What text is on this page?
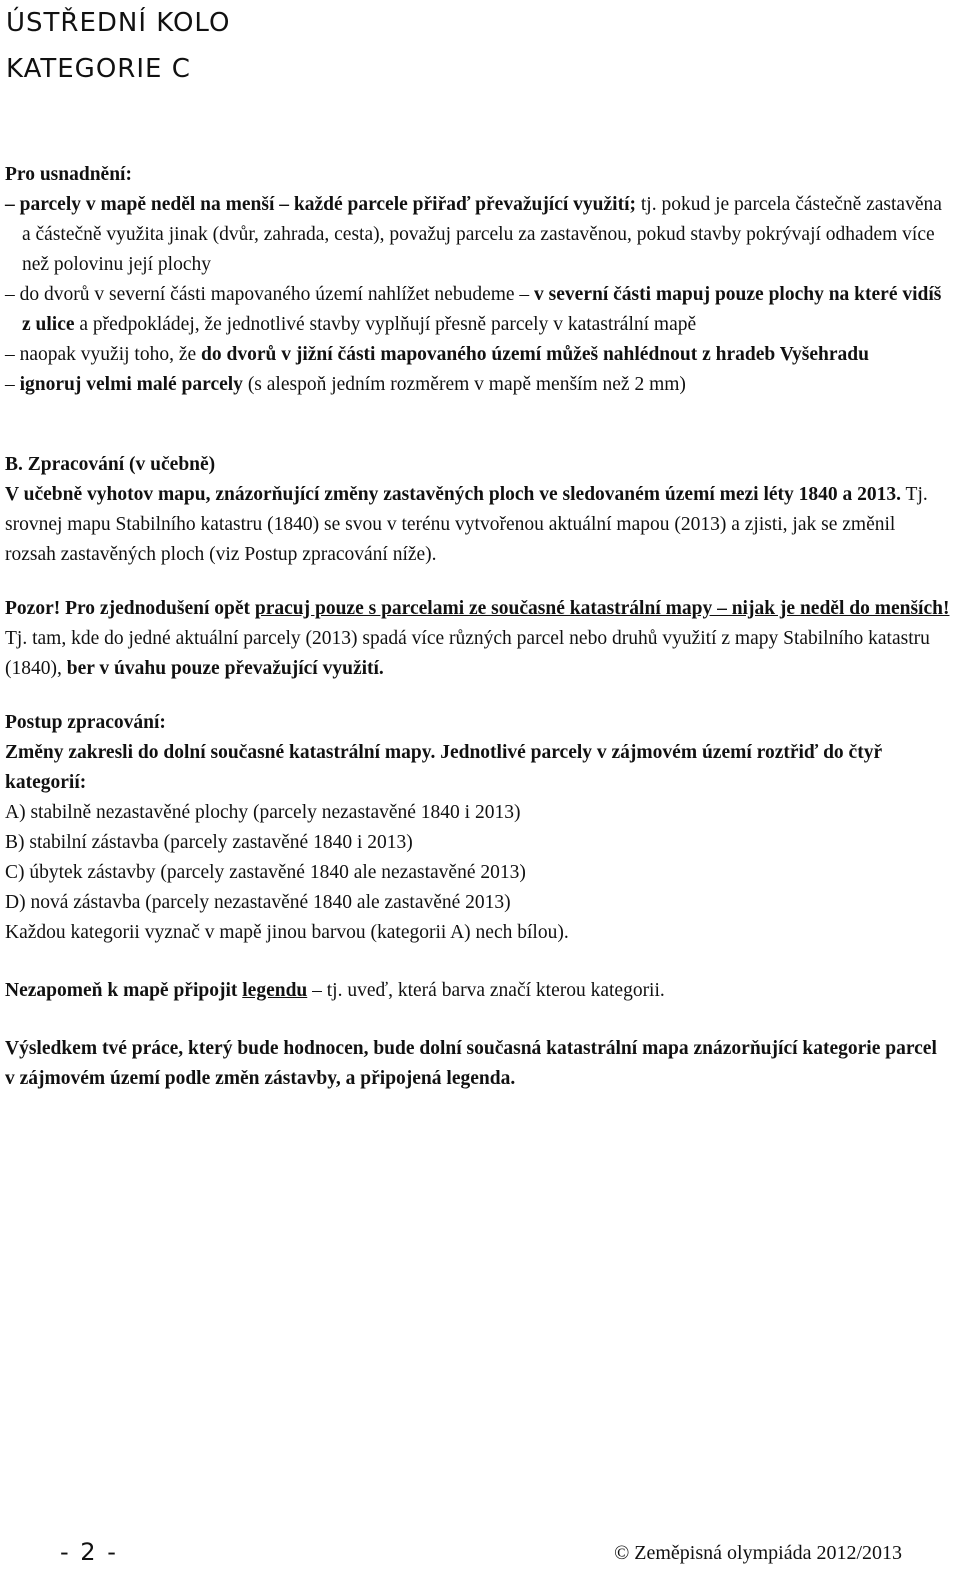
ÚSTŘEDNÍ KOLO
KATEGORIE C

Pro usnadnění:

– parcely v mapě neděl na menší – každé parcele přiřaď převažující využití; tj. pokud je parcela částečně zastavěna a částečně využita jinak (dvůr, zahrada, cesta), považuj parcelu za zastavěnou, pokud stavby pokrývají odhadem více než polovinu její plochy

– do dvorů v severní části mapovaného území nahlížet nebudeme – v severní části mapuj pouze plochy na které vidíš z ulice a předpokládej, že jednotlivé stavby vyplňují přesně parcely v katastrální mapě

– naopak využij toho, že do dvorů v jižní části mapovaného území můžeš nahlédnout z hradeb Vyšehradu

– ignoruj velmi malé parcely (s alespoň jedním rozměrem v mapě menším než 2 mm)

B. Zpracování (v učebně)

V učebně vyhotov mapu, znázorňující změny zastavěných ploch ve sledovaném území mezi léty 1840 a 2013. Tj. srovnej mapu Stabilního katastru (1840) se svou v terénu vytvořenou aktuální mapou (2013) a zjisti, jak se změnil rozsah zastavěných ploch (viz Postup zpracování níže).

Pozor! Pro zjednodušení opět pracuj pouze s parcelami ze současné katastrální mapy – nijak je neděl do menších! Tj. tam, kde do jedné aktuální parcely (2013) spadá více různých parcel nebo druhů využití z mapy Stabilního katastru (1840), ber v úvahu pouze převažující využití.

Postup zpracování:

Změny zakresli do dolní současné katastrální mapy. Jednotlivé parcely v zájmovém území roztřiď do čtyř kategorií:

A) stabilně nezastavěné plochy (parcely nezastavěné 1840 i 2013)

B) stabilní zástavba (parcely zastavěné 1840 i 2013)

C) úbytek zástavby (parcely zastavěné 1840 ale nezastavěné 2013)

D) nová zástavba (parcely nezastavěné 1840 ale zastavěné 2013)

Každou kategorii vyznač v mapě jinou barvou (kategorii A) nech bílou).

Nezapomeň k mapě připojit legendu – tj. uveď, která barva značí kterou kategorii.

Výsledkem tvé práce, který bude hodnocen, bude dolní současná katastrální mapa znázorňující kategorie parcel v zájmovém území podle změn zástavby, a připojená legenda.

- 2 -	© Zeměpisná olympiáda 2012/2013
